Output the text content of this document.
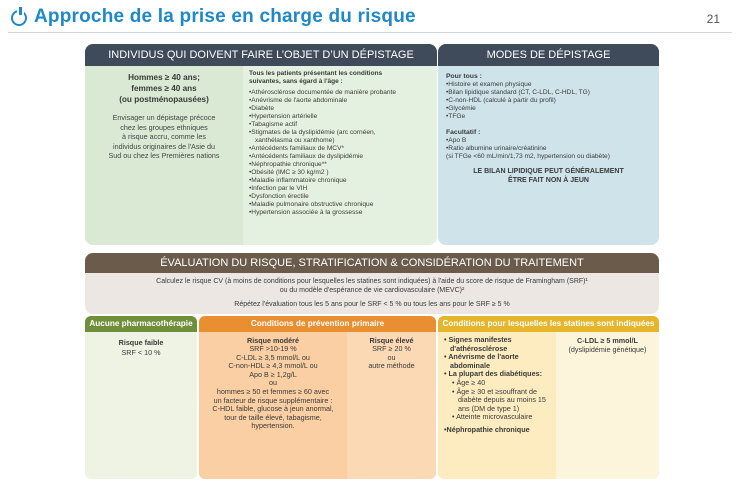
Approche de la prise en charge du risque	21
INDIVIDUS QUI DOIVENT FAIRE L’OBJET D’UN DÉPISTAGE
Hommes ≥ 40 ans;
femmes ≥ 40 ans
(ou postménopausées)
Envisager un dépistage précoce
chez les groupes ethniques
à risque accru, comme les
individus originaires de l'Asie du
Sud ou chez les Premières nations
Tous les patients présentant les conditions
suivantes, sans égard à l'âge :
•Athérosclérose documentée de manière probante
•Anévrisme de l'aorte abdominale
•Diabète
•Hypertension artérielle
•Tabagisme actif
•Stigmates de la dyslipidémie (arc cornéen,
xanthélasma ou xanthome)
•Antécédents familiaux de MCV*
•Antécédents familiaux de dyslipidémie
•Néphropathie chronique**
•Obésité (IMC ≥ 30 kg/m2 )
•Maladie inflammatoire chronique
•Infection par le VIH
•Dysfonction érectile
•Maladie pulmonaire obstructive chronique
•Hypertension associée à la grossesse
MODES DE DÉPISTAGE
Pour tous :
•Histoire et examen physique
•Bilan lipidique standard (CT, C-LDL, C-HDL, TG)
•C-non-HDL (calculé à partir du profil)
•Glycémie
•TFGe
Facultatif :
•Apo B
•Ratio albumine urinaire/créatinine
(si TFGe <60 mL/min/1,73 m2, hypertension ou diabète)
LE BILAN LIPIDIQUE PEUT GÉNÉRALEMENT
ÊTRE FAIT NON À JEUN
ÉVALUATION DU RISQUE, STRATIFICATION & CONSIDÉRATION DU TRAITEMENT
Calculez le risque CV (à moins de conditions pour lesquelles les statines sont indiquées) à l'aide du score de risque de Framingham (SRF)¹
ou du modèle d'espérance de vie cardiovasculaire (MEVC)²
Répétez l'évaluation tous les 5 ans pour le SRF < 5 % ou tous les ans pour le SRF ≥ 5 %
Aucune pharmacothérapie
Risque faible
SRF < 10 %
Conditions de prévention primaire
Risque modéré
SRF >10-19 %
C-LDL ≥ 3,5 mmol/L ou
C-non-HDL ≥ 4,3 mmol/L ou
Apo B ≥ 1,2g/L
ou
hommes ≥ 50 et femmes ≥ 60 avec
un facteur de risque supplémentaire :
C-HDL faible, glucose à jeun anormal,
tour de taille élevé, tabagisme,
hypertension.
Risque élevé
SRF ≥ 20 %
ou
autre méthode
Conditions pour lesquelles les statines sont indiquées
• Signes manifestes
d'athérosclérose
• Anévrisme de l'aorte
abdominale
• La plupart des diabétiques:
• Âge ≥ 40
• Âge ≥ 30 et ≥souffrant de
diabète depuis au moins 15
ans (DM de type 1)
• Atteinte microvasculaire
•Néphropathie chronique
C-LDL ≥ 5 mmol/L
(dyslipidémie génétique)
